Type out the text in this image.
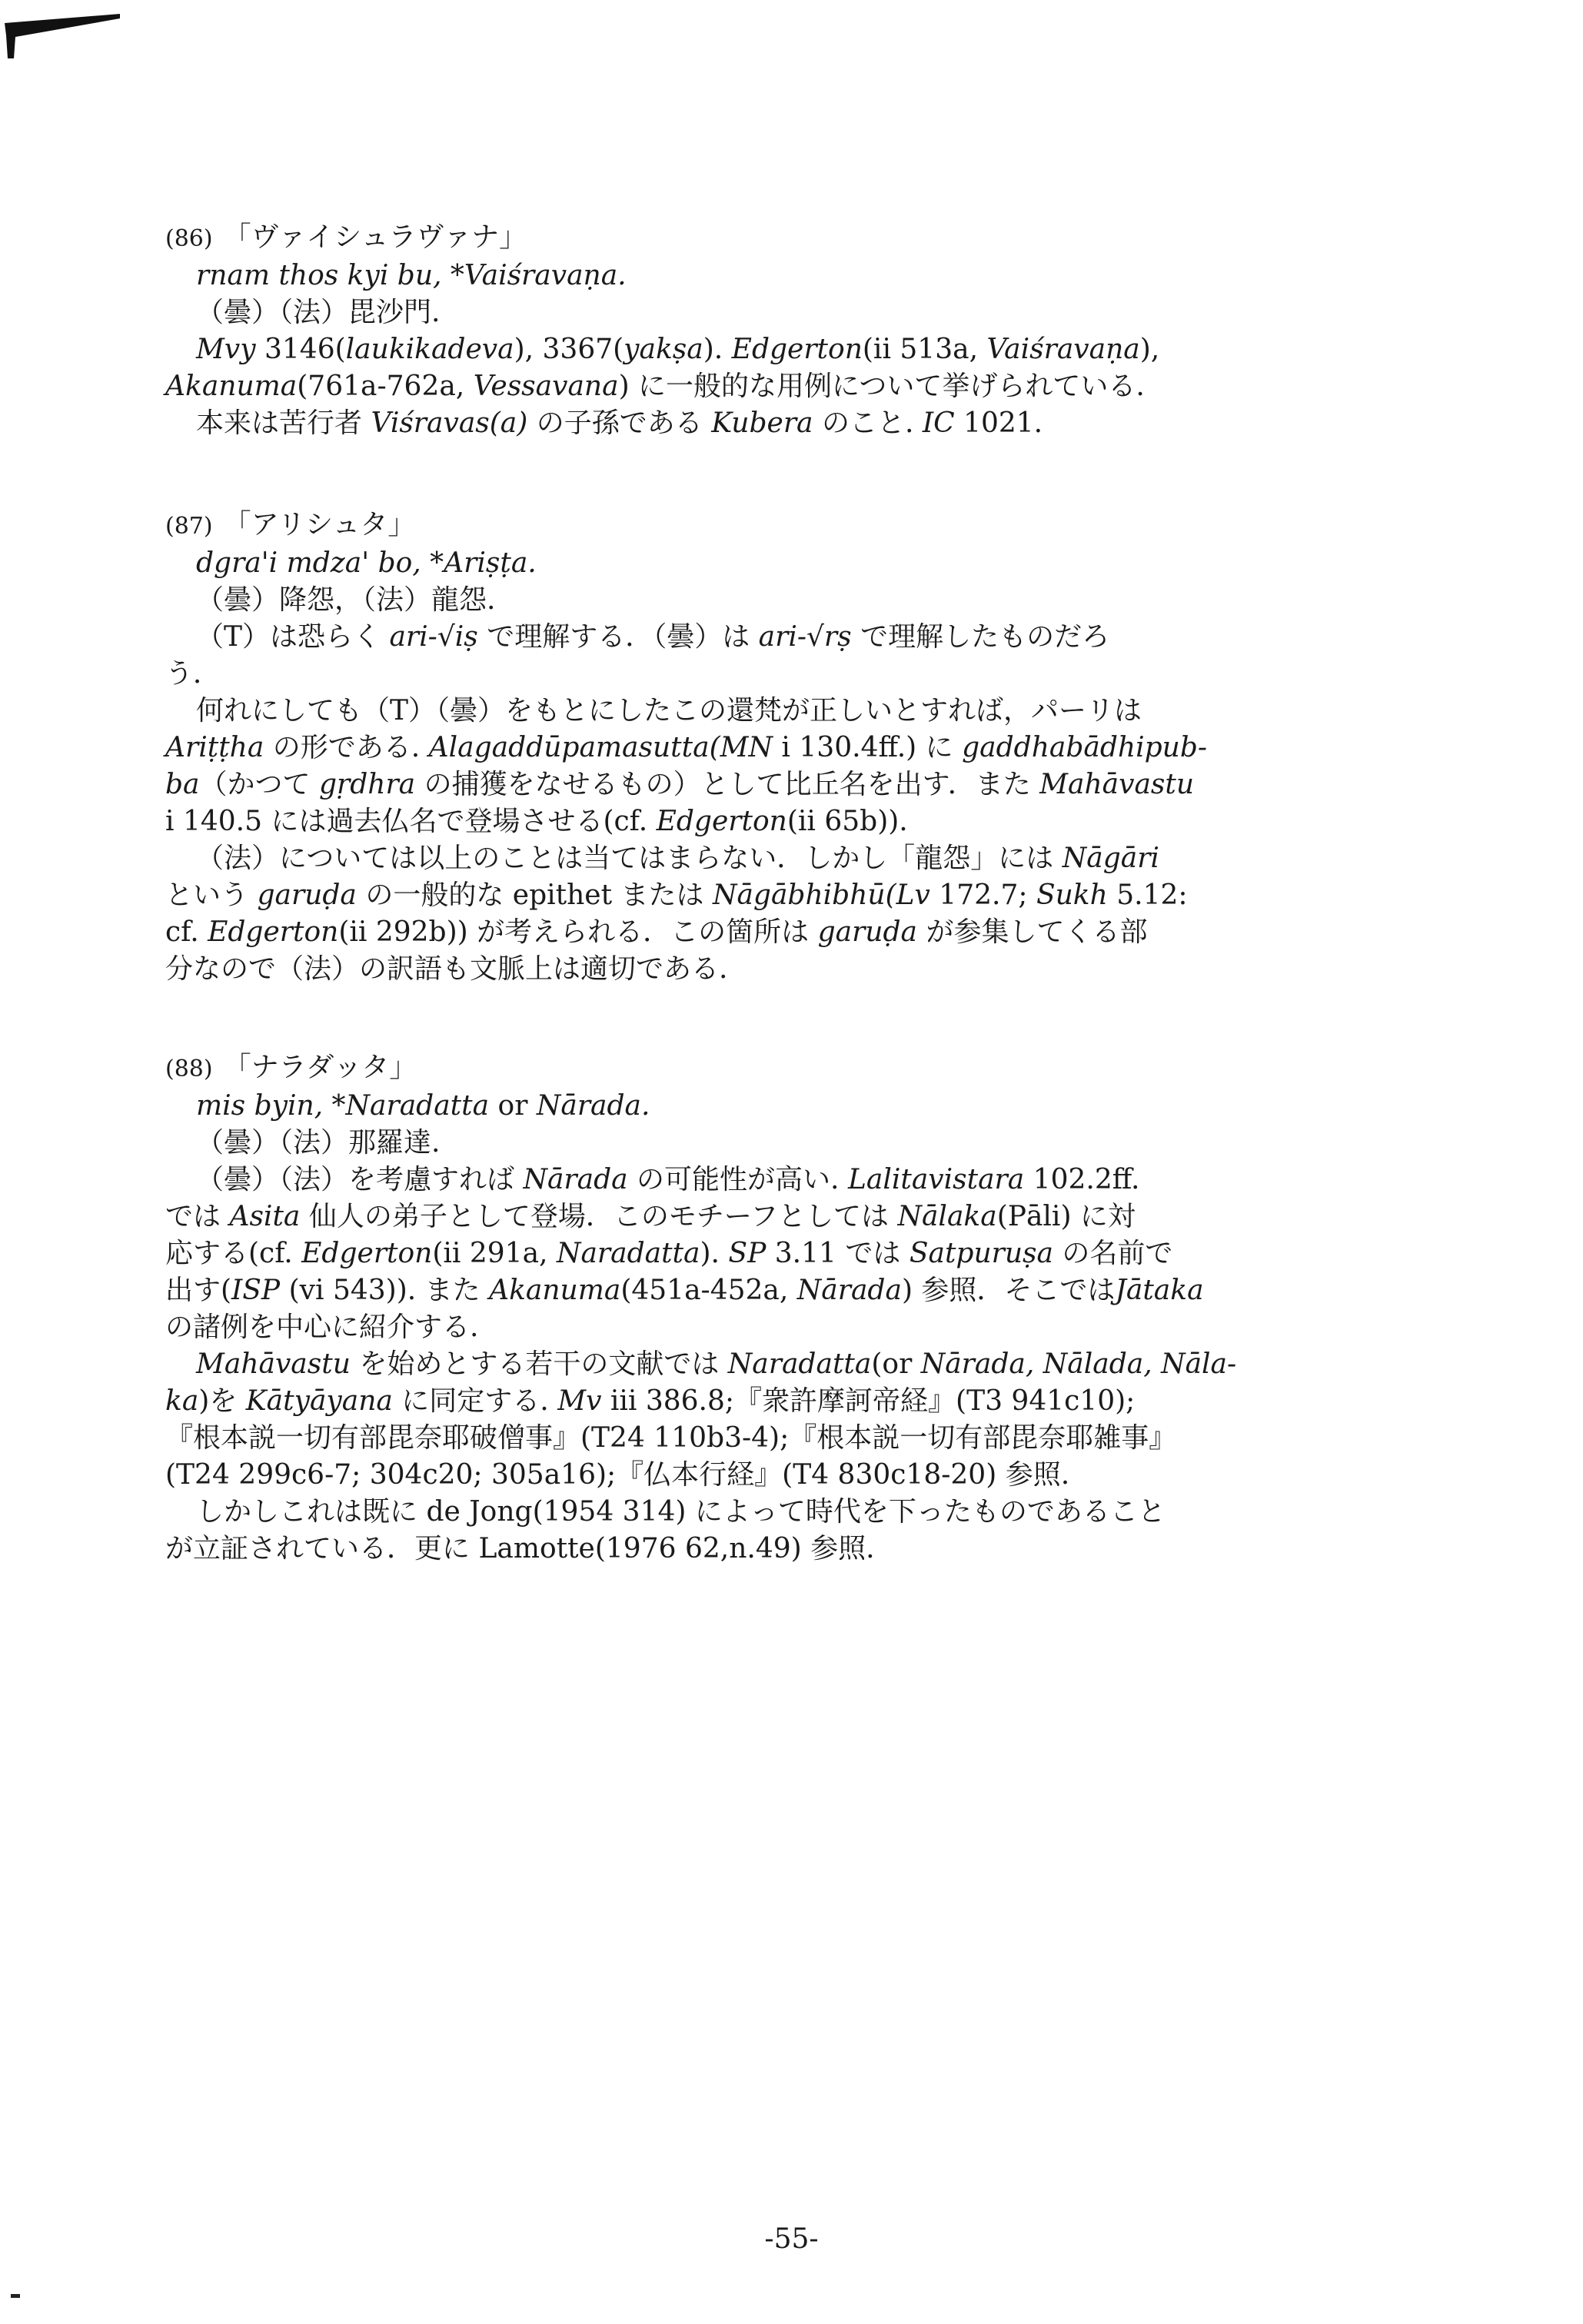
(86) 「ヴァイシュラヴァナ」
rnam thos kyi bu, *Vaiśravaṇa.
（曇）（法）毘沙門.
Mvy 3146(laukikadeva), 3367(yakṣa). Edgerton(ii 513a, Vaiśravaṇa),
Akanuma(761a-762a, Vessavana) に一般的な用例について挙げられている.
本来は苦行者 Viśravas(a) の子孫である Kubera のこと. IC 1021.
(87) 「アリシュタ」
dgra'i mdza' bo, *Ariṣṭa.
（曇）降怨，（法）龍怨.
（T）は恐らく ari-√iṣ で理解する．（曇）は ari-√rṣ で理解したものだろ
う．
何れにしても（T）（曇）をもとにしたこの還梵が正しいとすれば，パーリは
Ariṭṭha の形である. Alagaddūpamasutta(MN i 130.4ff.) に gaddhabādhipub-
ba（かつて gṛdhra の捕獲をなせるもの）として比丘名を出す．また Mahāvastu
i 140.5 には過去仏名で登場させる(cf. Edgerton(ii 65b)).
（法）については以上のことは当てはまらない．しかし「龍怨」には Nāgāri
という garuḍa の一般的な epithet または Nāgābhibhū(Lv 172.7; Sukh 5.12:
cf. Edgerton(ii 292b)) が考えられる．この箇所は garuḍa が参集してくる部
分なので（法）の訳語も文脈上は適切である.
(88) 「ナラダッタ」
mis byin, *Naradatta or Nārada.
（曇）（法）那羅達.
（曇）（法）を考慮すれば Nārada の可能性が高い. Lalitavistara 102.2ff.
では Asita 仙人の弟子として登場．このモチーフとしては Nālaka(Pāli) に対
応する(cf. Edgerton(ii 291a, Naradatta). SP 3.11 では Satpuruṣa の名前で
出す(ISP (vi 543)). また Akanuma(451a-452a, Nārada) 参照．そこではJātaka
の諸例を中心に紹介する.
Mahāvastu を始めとする若干の文献では Naradatta(or Nārada, Nālada, Nāla-
ka)を Kātyāyana に同定する. Mv iii 386.8;『衆許摩訶帝経』(T3 941c10);
『根本説一切有部毘奈耶破僧事』(T24 110b3-4);『根本説一切有部毘奈耶雑事』
(T24 299c6-7; 304c20; 305a16);『仏本行経』(T4 830c18-20) 参照.
しかしこれは既に de Jong(1954 314) によって時代を下ったものであること
が立証されている．更に Lamotte(1976 62,n.49) 参照.
-55-
